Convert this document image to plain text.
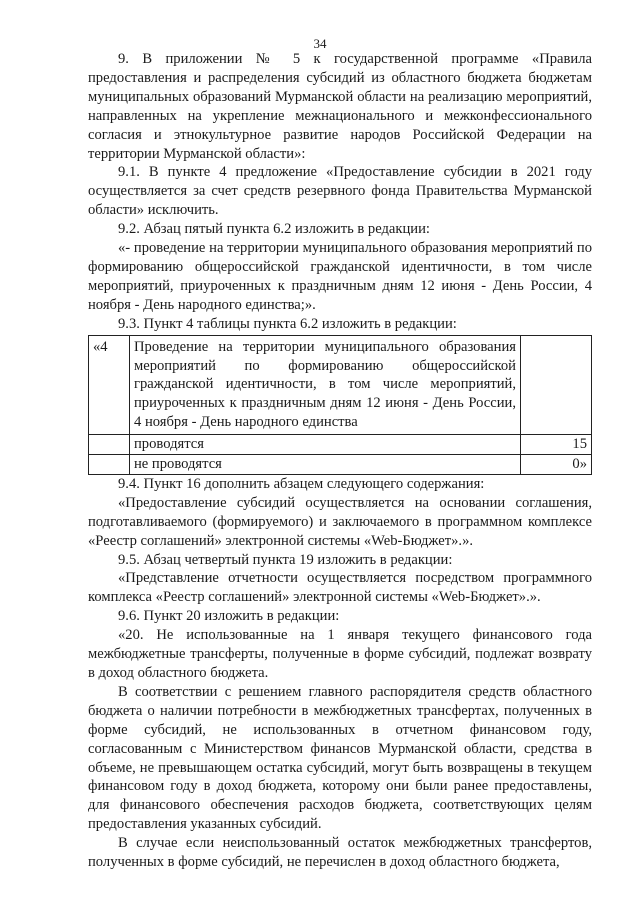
34

9. В приложении № 5 к государственной программе «Правила предоставления и распределения субсидий из областного бюджета бюджетам муниципальных образований Мурманской области на реализацию мероприятий, направленных на укрепление межнационального и межконфессионального согласия и этнокультурное развитие народов Российской Федерации на территории Мурманской области»:

9.1. В пункте 4 предложение «Предоставление субсидии в 2021 году осуществляется за счет средств резервного фонда Правительства Мурманской области» исключить.

9.2. Абзац пятый пункта 6.2 изложить в редакции:

«- проведение на территории муниципального образования мероприятий по формированию общероссийской гражданской идентичности, в том числе мероприятий, приуроченных к праздничным дням 12 июня - День России, 4 ноября - День народного единства;».

9.3. Пункт 4 таблицы пункта 6.2 изложить в редакции:

«4	Проведение на территории муниципального образования мероприятий по формированию общероссийской гражданской идентичности, в том числе мероприятий, приуроченных к праздничным дням 12 июня - День России, 4 ноября - День народного единства	
	проводятся	15
	не проводятся	0»

9.4. Пункт 16 дополнить абзацем следующего содержания:

«Предоставление субсидий осуществляется на основании соглашения, подготавливаемого (формируемого) и заключаемого в программном комплексе «Реестр соглашений» электронной системы «Web-Бюджет».».

9.5. Абзац четвертый пункта 19 изложить в редакции:

«Представление отчетности осуществляется посредством программного комплекса «Реестр соглашений» электронной системы «Web-Бюджет».».

9.6. Пункт 20 изложить в редакции:

«20. Не использованные на 1 января текущего финансового года межбюджетные трансферты, полученные в форме субсидий, подлежат возврату в доход областного бюджета.

В соответствии с решением главного распорядителя средств областного бюджета о наличии потребности в межбюджетных трансфертах, полученных в форме субсидий, не использованных в отчетном финансовом году, согласованным с Министерством финансов Мурманской области, средства в объеме, не превышающем остатка субсидий, могут быть возвращены в текущем финансовом году в доход бюджета, которому они были ранее предоставлены, для финансового обеспечения расходов бюджета, соответствующих целям предоставления указанных субсидий.

В случае если неиспользованный остаток межбюджетных трансфертов, полученных в форме субсидий, не перечислен в доход областного бюджета,
